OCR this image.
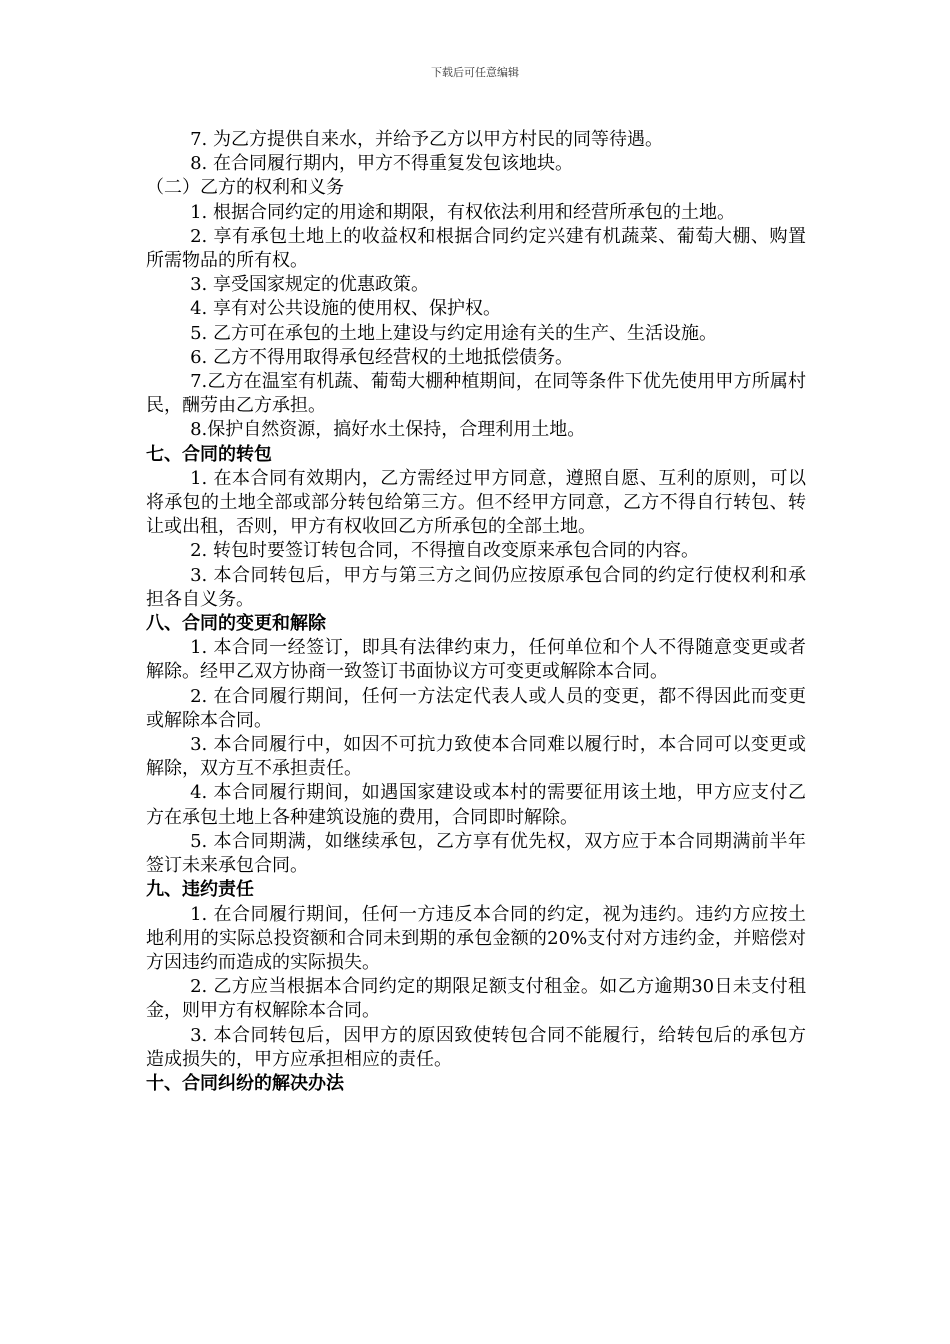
下载后可任意编辑

7. 为乙方提供自来水，并给予乙方以甲方村民的同等待遇。

8. 在合同履行期内，甲方不得重复发包该地块。

（二）乙方的权利和义务

1. 根据合同约定的用途和期限，有权依法利用和经营所承包的土地。

2. 享有承包土地上的收益权和根据合同约定兴建有机蔬菜、葡萄大棚、购置所需物品的所有权。

3. 享受国家规定的优惠政策。

4. 享有对公共设施的使用权、保护权。

5. 乙方可在承包的土地上建设与约定用途有关的生产、生活设施。

6. 乙方不得用取得承包经营权的土地抵偿债务。

7.乙方在温室有机蔬、葡萄大棚种植期间，在同等条件下优先使用甲方所属村民，酬劳由乙方承担。

8.保护自然资源，搞好水土保持，合理利用土地。

七、合同的转包

1. 在本合同有效期内，乙方需经过甲方同意，遵照自愿、互利的原则，可以将承包的土地全部或部分转包给第三方。但不经甲方同意，乙方不得自行转包、转让或出租，否则，甲方有权收回乙方所承包的全部土地。

2. 转包时要签订转包合同，不得擅自改变原来承包合同的内容。

3. 本合同转包后，甲方与第三方之间仍应按原承包合同的约定行使权利和承担各自义务。

八、合同的变更和解除

1. 本合同一经签订，即具有法律约束力，任何单位和个人不得随意变更或者解除。经甲乙双方协商一致签订书面协议方可变更或解除本合同。

2. 在合同履行期间，任何一方法定代表人或人员的变更，都不得因此而变更或解除本合同。

3. 本合同履行中，如因不可抗力致使本合同难以履行时，本合同可以变更或解除，双方互不承担责任。

4. 本合同履行期间，如遇国家建设或本村的需要征用该土地，甲方应支付乙方在承包土地上各种建筑设施的费用，合同即时解除。

5. 本合同期满，如继续承包，乙方享有优先权，双方应于本合同期满前半年签订未来承包合同。

九、违约责任

1. 在合同履行期间，任何一方违反本合同的约定，视为违约。违约方应按土地利用的实际总投资额和合同未到期的承包金额的20%支付对方违约金，并赔偿对方因违约而造成的实际损失。

2. 乙方应当根据本合同约定的期限足额支付租金。如乙方逾期30日未支付租金，则甲方有权解除本合同。

3. 本合同转包后，因甲方的原因致使转包合同不能履行，给转包后的承包方造成损失的，甲方应承担相应的责任。

十、合同纠纷的解决办法
